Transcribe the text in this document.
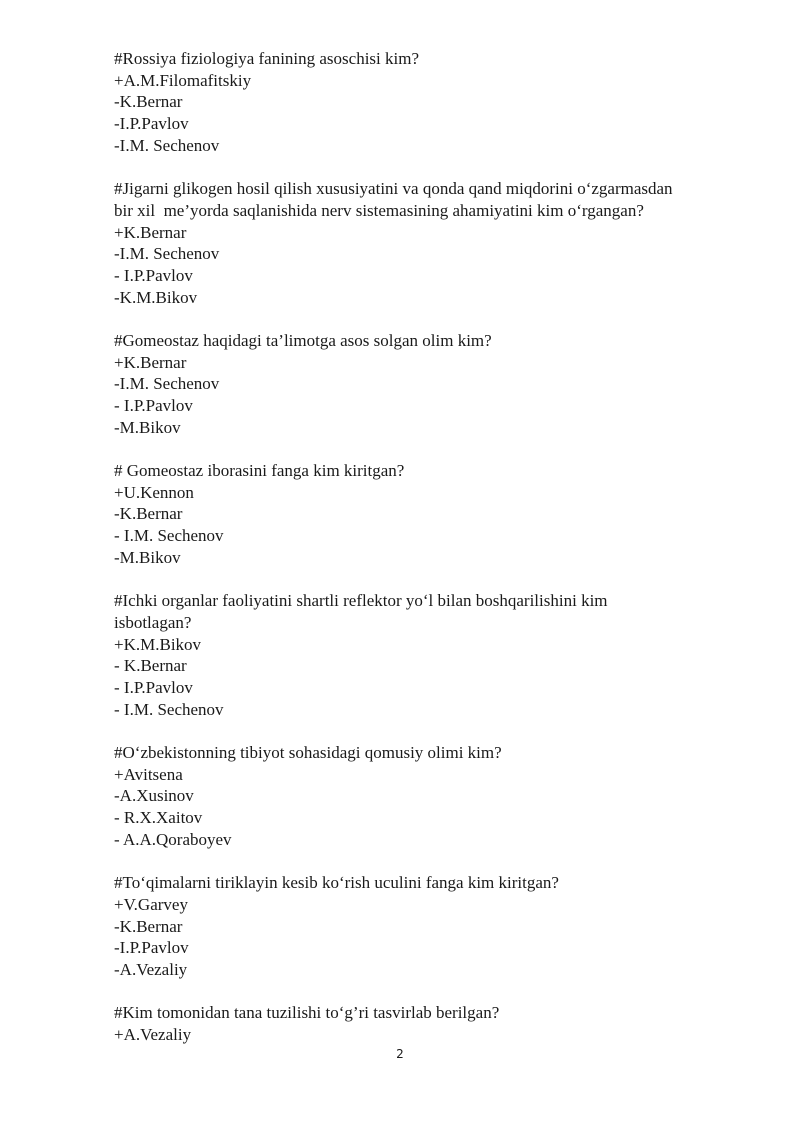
#Rossiya fiziologiya fanining asoschisi kim?
+A.M.Filomafitskiy
-K.Bernar
-I.P.Pavlov
-I.M. Sechenov
#Jigarni glikogen hosil qilish xususiyatini va qonda qand miqdorini o‘zgarmasdan
bir xil  me’yorda saqlanishida nerv sistemasining ahamiyatini kim o‘rgangan?
+K.Bernar
-I.M. Sechenov
- I.P.Pavlov
-K.M.Bikov
#Gomeostaz haqidagi ta’limotga asos solgan olim kim?
+K.Bernar
-I.M. Sechenov
- I.P.Pavlov
-M.Bikov
# Gomeostaz iborasini fanga kim kiritgan?
+U.Kennon
-K.Bernar
- I.M. Sechenov
-M.Bikov
#Ichki organlar faoliyatini shartli reflektor yo‘l bilan boshqarilishini kim
isbotlagan?
+K.M.Bikov
- K.Bernar
- I.P.Pavlov
- I.M. Sechenov
#O‘zbekistonning tibiyot sohasidagi qomusiy olimi kim?
+Avitsena
-A.Xusinov
- R.X.Xaitov
- A.A.Qoraboyev
#To‘qimalarni tiriklayin kesib ko‘rish uculini fanga kim kiritgan?
+V.Garvey
-K.Bernar
-I.P.Pavlov
-A.Vezaliy
#Kim tomonidan tana tuzilishi to‘g’ri tasvirlab berilgan?
+A.Vezaliy
2
